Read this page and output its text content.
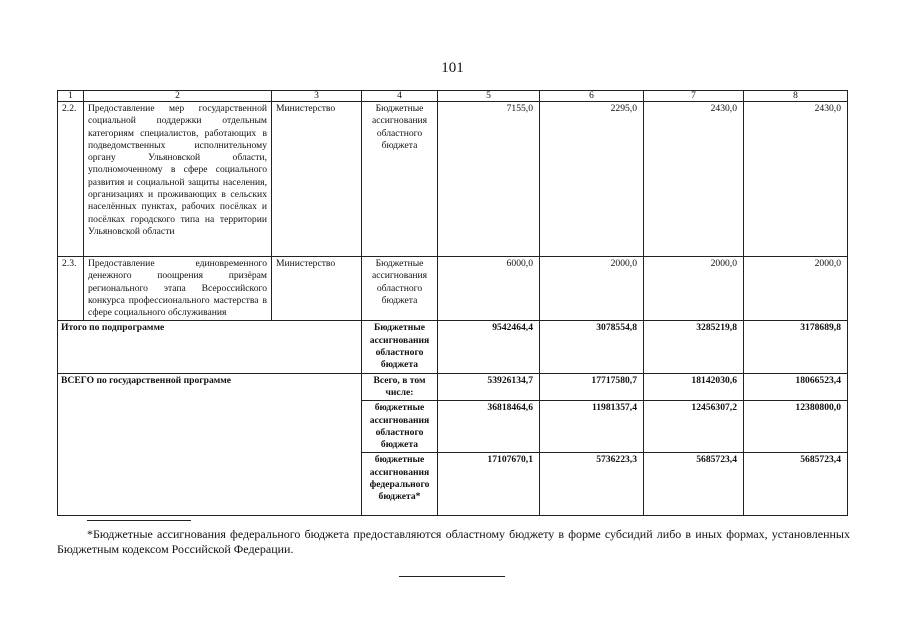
101
1	2	3	4	5	6	7	8
2.2.	Предоставление мер государственной социальной поддержки отдельным категориям специалистов, работающих в подведомственных исполнительному органу Ульяновской области, уполномоченному в сфере социального развития и социальной защиты населения, организациях и проживающих в сельских населённых пунктах, рабочих посёлках и посёлках городского типа на территории Ульяновской области	Министерство	Бюджетные ассигнования областного бюджета	7155,0	2295,0	2430,0	2430,0
2.3.	Предоставление единовременного денежного поощрения призёрам регионального этапа Всероссийского конкурса профессионального мастерства в сфере социального обслуживания	Министерство	Бюджетные ассигнования областного бюджета	6000,0	2000,0	2000,0	2000,0
Итого по подпрограмме			Бюджетные ассигнования областного бюджета	9542464,4	3078554,8	3285219,8	3178689,8
ВСЕГО по государственной программе			Всего, в том числе:	53926134,7	17717580,7	18142030,6	18066523,4
			бюджетные ассигнования областного бюджета	36818464,6	11981357,4	12456307,2	12380800,0
			бюджетные ассигнования федерального бюджета*	17107670,1	5736223,3	5685723,4	5685723,4
*Бюджетные ассигнования федерального бюджета предоставляются областному бюджету в форме субсидий либо в иных формах, установленных Бюджетным кодексом Российской Федерации.
